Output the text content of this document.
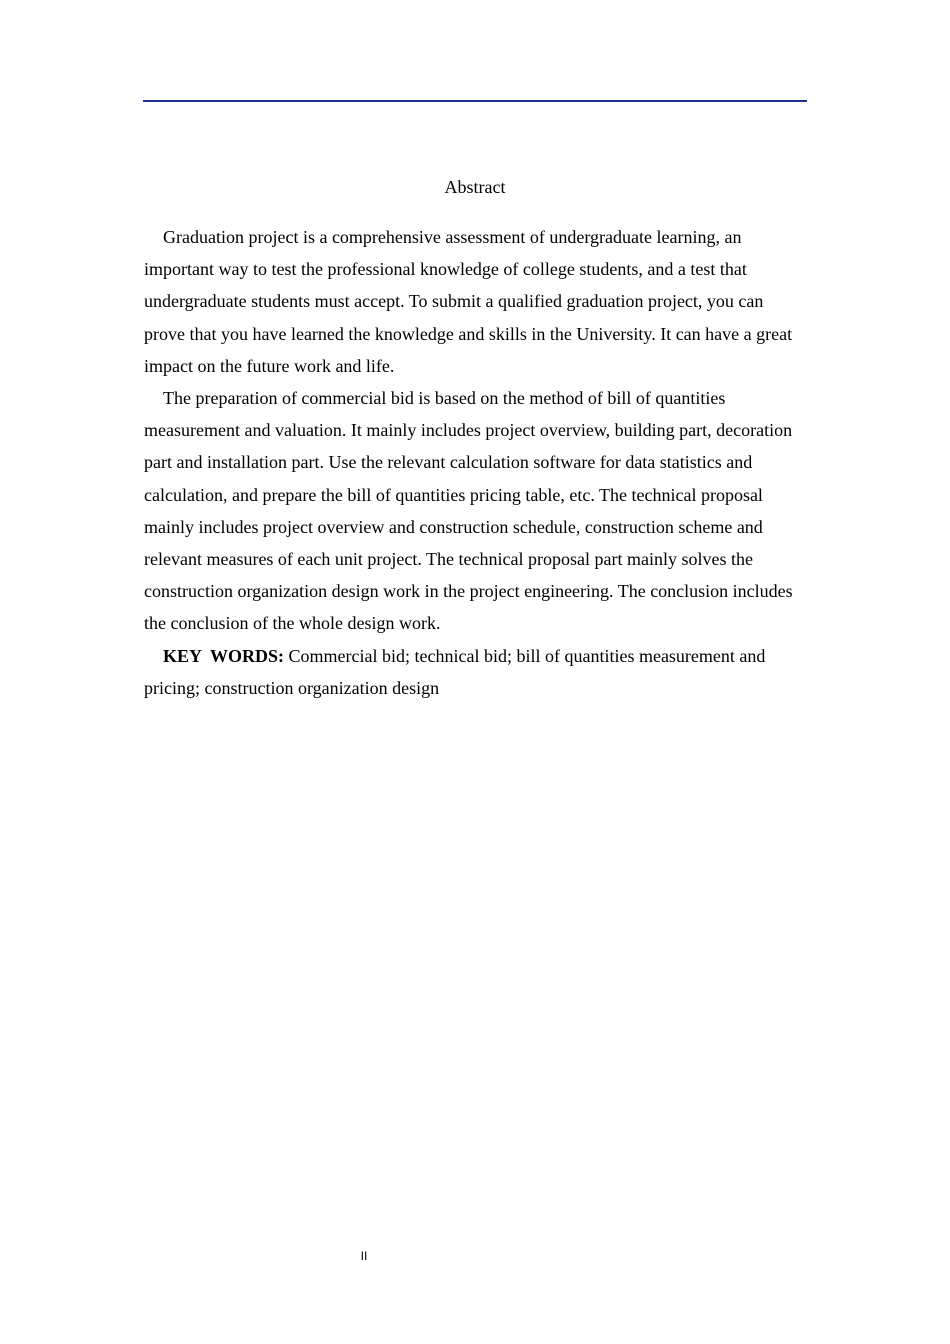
Abstract

Graduation project is a comprehensive assessment of undergraduate learning, an important way to test the professional knowledge of college students, and a test that undergraduate students must accept. To submit a qualified graduation project, you can prove that you have learned the knowledge and skills in the University. It can have a great impact on the future work and life.

The preparation of commercial bid is based on the method of bill of quantities measurement and valuation. It mainly includes project overview, building part, decoration part and installation part. Use the relevant calculation software for data statistics and calculation, and prepare the bill of quantities pricing table, etc. The technical proposal mainly includes project overview and construction schedule, construction scheme and relevant measures of each unit project. The technical proposal part mainly solves the construction organization design work in the project engineering. The conclusion includes the conclusion of the whole design work.

KEY  WORDS: Commercial bid; technical bid; bill of quantities measurement and pricing; construction organization design

II
